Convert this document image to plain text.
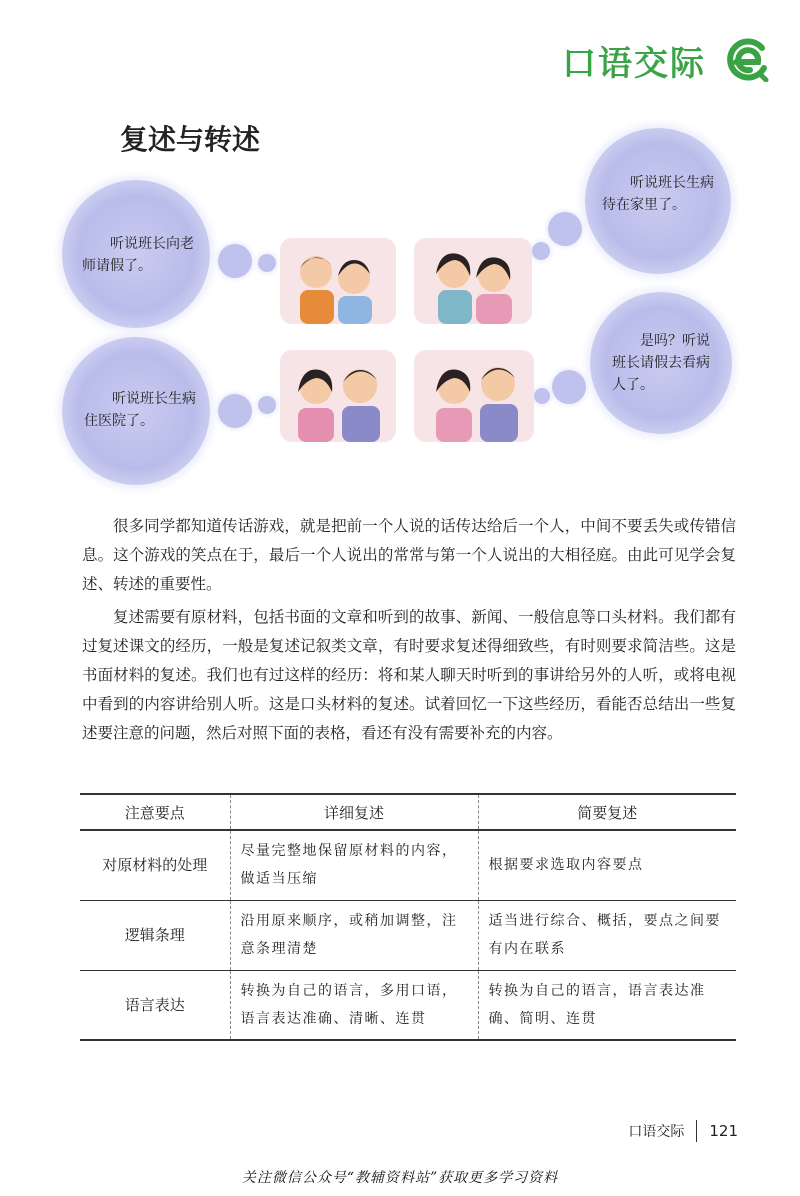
口语交际
复述与转述
听说班长向老师请假了。
听说班长生病待在家里了。
听说班长生病住医院了。
是吗？听说班长请假去看病人了。

很多同学都知道传话游戏，就是把前一个人说的话传达给后一个人，中间不要丢失或传错信息。这个游戏的笑点在于，最后一个人说出的常常与第一个人说出的大相径庭。由此可见学会复述、转述的重要性。

复述需要有原材料，包括书面的文章和听到的故事、新闻、一般信息等口头材料。我们都有过复述课文的经历，一般是复述记叙类文章，有时要求复述得细致些，有时则要求简洁些。这是书面材料的复述。我们也有过这样的经历：将和某人聊天时听到的事讲给另外的人听，或将电视中看到的内容讲给别人听。这是口头材料的复述。试着回忆一下这些经历，看能否总结出一些复述要注意的问题，然后对照下面的表格，看还有没有需要补充的内容。

注意要点	详细复述	简要复述
对原材料的处理	尽量完整地保留原材料的内容，做适当压缩	根据要求选取内容要点
逻辑条理	沿用原来顺序，或稍加调整，注意条理清楚	适当进行综合、概括，要点之间要有内在联系
语言表达	转换为自己的语言，多用口语，语言表达准确、清晰、连贯	转换为自己的语言，语言表达准确、简明、连贯
口语交际 121
关注微信公众号“教辅资料站”获取更多学习资料
